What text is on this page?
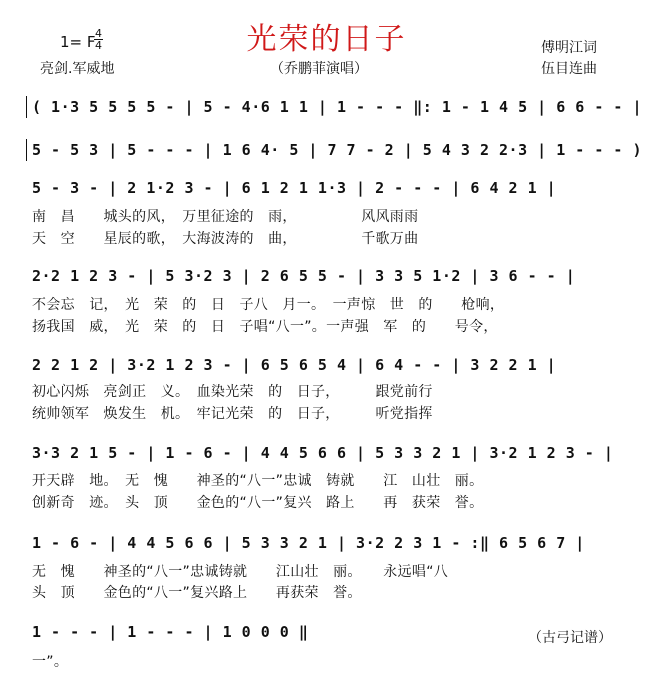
光荣的日子
1= F
$\frac{4}{4}$
亮剑.军威地	（乔鹏菲演唱）
傅明江词
伍目连曲
( 1·3 5 5 5 5 - | 5 - 4·6 1 1 | 1 - - - ‖: 1 - 1 4 5 | 6 6 - - |
5 - 5 3 | 5 - - - | 1 6 4· 5 | 7 7 - 2 | 5 4 3 2 2·3 | 1 - - - )
5 - 3 - | 2 1·2 3 - | 6 1 2 1 1·3 | 2 - - - | 6 4 2 1 |
南　昌　　城头的风，　万里征途的　雨，　　　　　风风雨雨
天　空　　星辰的歌，　大海波涛的　曲，　　　　　千歌万曲
2·2 1 2 3 - | 5 3·2 3 | 2 6 5 5 - | 3 3 5 1·2 | 3 6 - - |
不会忘　记，　光　荣　的　日　子八　月一。　一声惊　世　的　　枪响，
扬我国　威，　光　荣　的　日　子唱“八一”。一声强　军　的　　号令，
2 2 1 2 | 3·2 1 2 3 - | 6 5 6 5 4 | 6 4 - - | 3 2 2 1 |
初心闪烁　亮剑正　义。　血染光荣　的　日子，　　　跟党前行
统帅领军　焕发生　机。　牢记光荣　的　日子，　　　听党指挥
3·3 2 1 5 - | 1 - 6 - | 4 4 5 6 6 | 5 3 3 2 1 | 3·2 1 2 3 - |
开天辟　地。　无　愧　　神圣的“八一”忠诚　铸就　　江　山壮　丽。
创新奇　迹。　头　顶　　金色的“八一”复兴　路上　　再　获荣　誉。
1 - 6 - | 4 4 5 6 6 | 5 3 3 2 1 | 3·2 2 3 1 - :‖ 6 5 6 7 |
无　愧　　神圣的“八一”忠诚铸就　　江山壮　丽。　　永远唱“八
头　顶　　金色的“八一”复兴路上　　再获荣　誉。
1 - - - | 1 - - - | 1 0 0 0 ‖
一”。
（古弓记谱）
